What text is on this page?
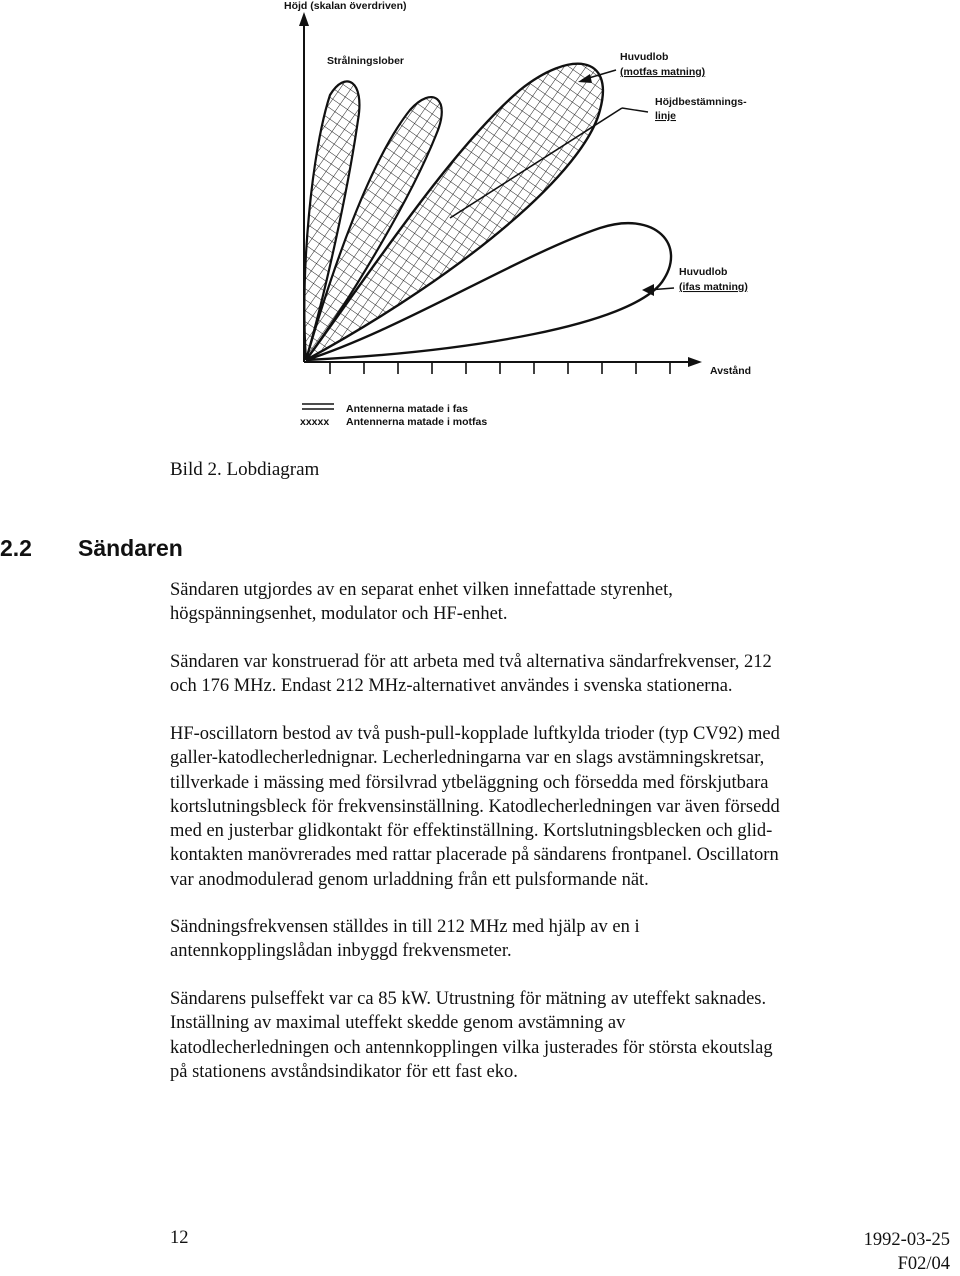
Höjd (skalan överdriven)
Avstånd
Strålningslober	Huvudlob
(motfas matning)
Höjdbestämnings-
linje
Huvudlob
(ifas matning)
Antennerna matade i fas
xxxxx Antennerna matade i motfas
Bild 2. Lobdiagram
2.2 Sändaren

Sändaren utgjordes av en separat enhet vilken innefattade styrenhet,
högspänningsenhet, modulator och HF-enhet.

Sändaren var konstruerad för att arbeta med två alternativa sändarfrekvenser, 212
och 176 MHz. Endast 212 MHz-alternativet användes i svenska stationerna.

HF-oscillatorn bestod av två push-pull-kopplade luftkylda trioder (typ CV92) med
galler-katodlecherlednignar. Lecherledningarna var en slags avstämningskretsar,
tillverkade i mässing med försilvrad ytbeläggning och försedda med förskjutbara
kortslutningsbleck för frekvensinställning. Katodlecherledningen var även försedd
med en justerbar glidkontakt för effektinställning. Kortslutningsblecken och glid-
kontakten manövrerades med rattar placerade på sändarens frontpanel. Oscillatorn
var anodmodulerad genom urladdning från ett pulsformande nät.

Sändningsfrekvensen ställdes in till 212 MHz med hjälp av en i
antennkopplingslådan inbyggd frekvensmeter.

Sändarens pulseffekt var ca 85 kW. Utrustning för mätning av uteffekt saknades.
Inställning av maximal uteffekt skedde genom avstämning av
katodlecherledningen och antennkopplingen vilka justerades för största ekoutslag
på stationens avståndsindikator för ett fast eko.

12	1992-03-25
F02/04
